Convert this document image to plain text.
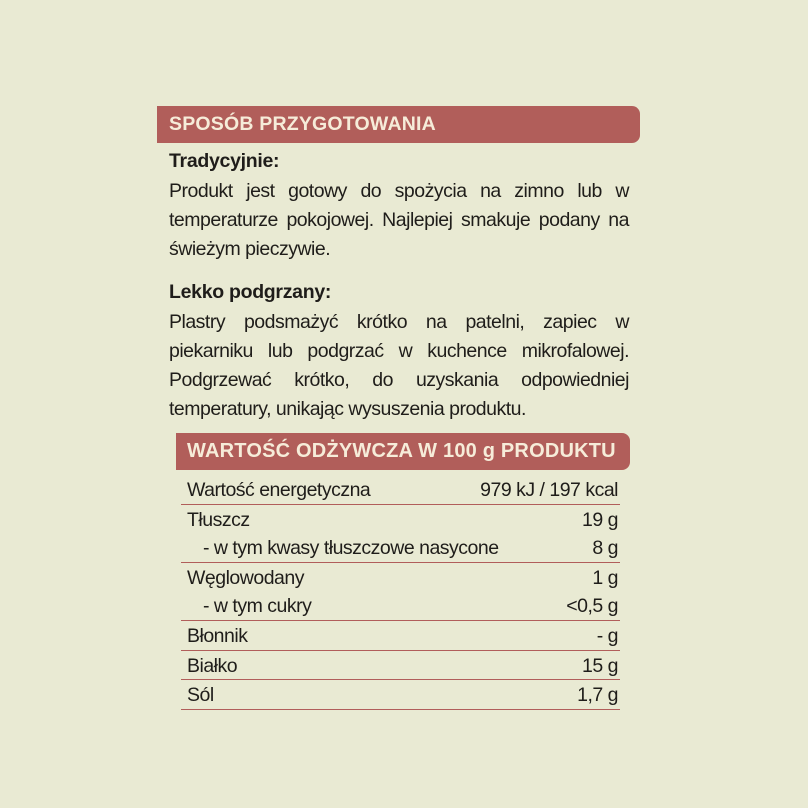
SPOSÓB PRZYGOTOWANIA
Tradycyjnie:
Produkt jest gotowy do spożycia na zimno lub w temperaturze pokojowej. Najlepiej smakuje podany na świeżym pieczywie.
Lekko podgrzany:
Plastry podsmażyć krótko na patelni, zapiec w piekarniku lub podgrzać w kuchence mikrofalowej. Podgrzewać krótko, do uzyskania odpowiedniej temperatury, unikając wysuszenia produktu.
WARTOŚĆ ODŻYWCZA W 100 g PRODUKTU
Wartość energetyczna	979 kJ / 197 kcal
Tłuszcz	19 g
- w tym kwasy tłuszczowe nasycone	8 g
Węglowodany	1 g
- w tym cukry	<0,5 g
Błonnik	- g
Białko	15 g
Sól	1,7 g
